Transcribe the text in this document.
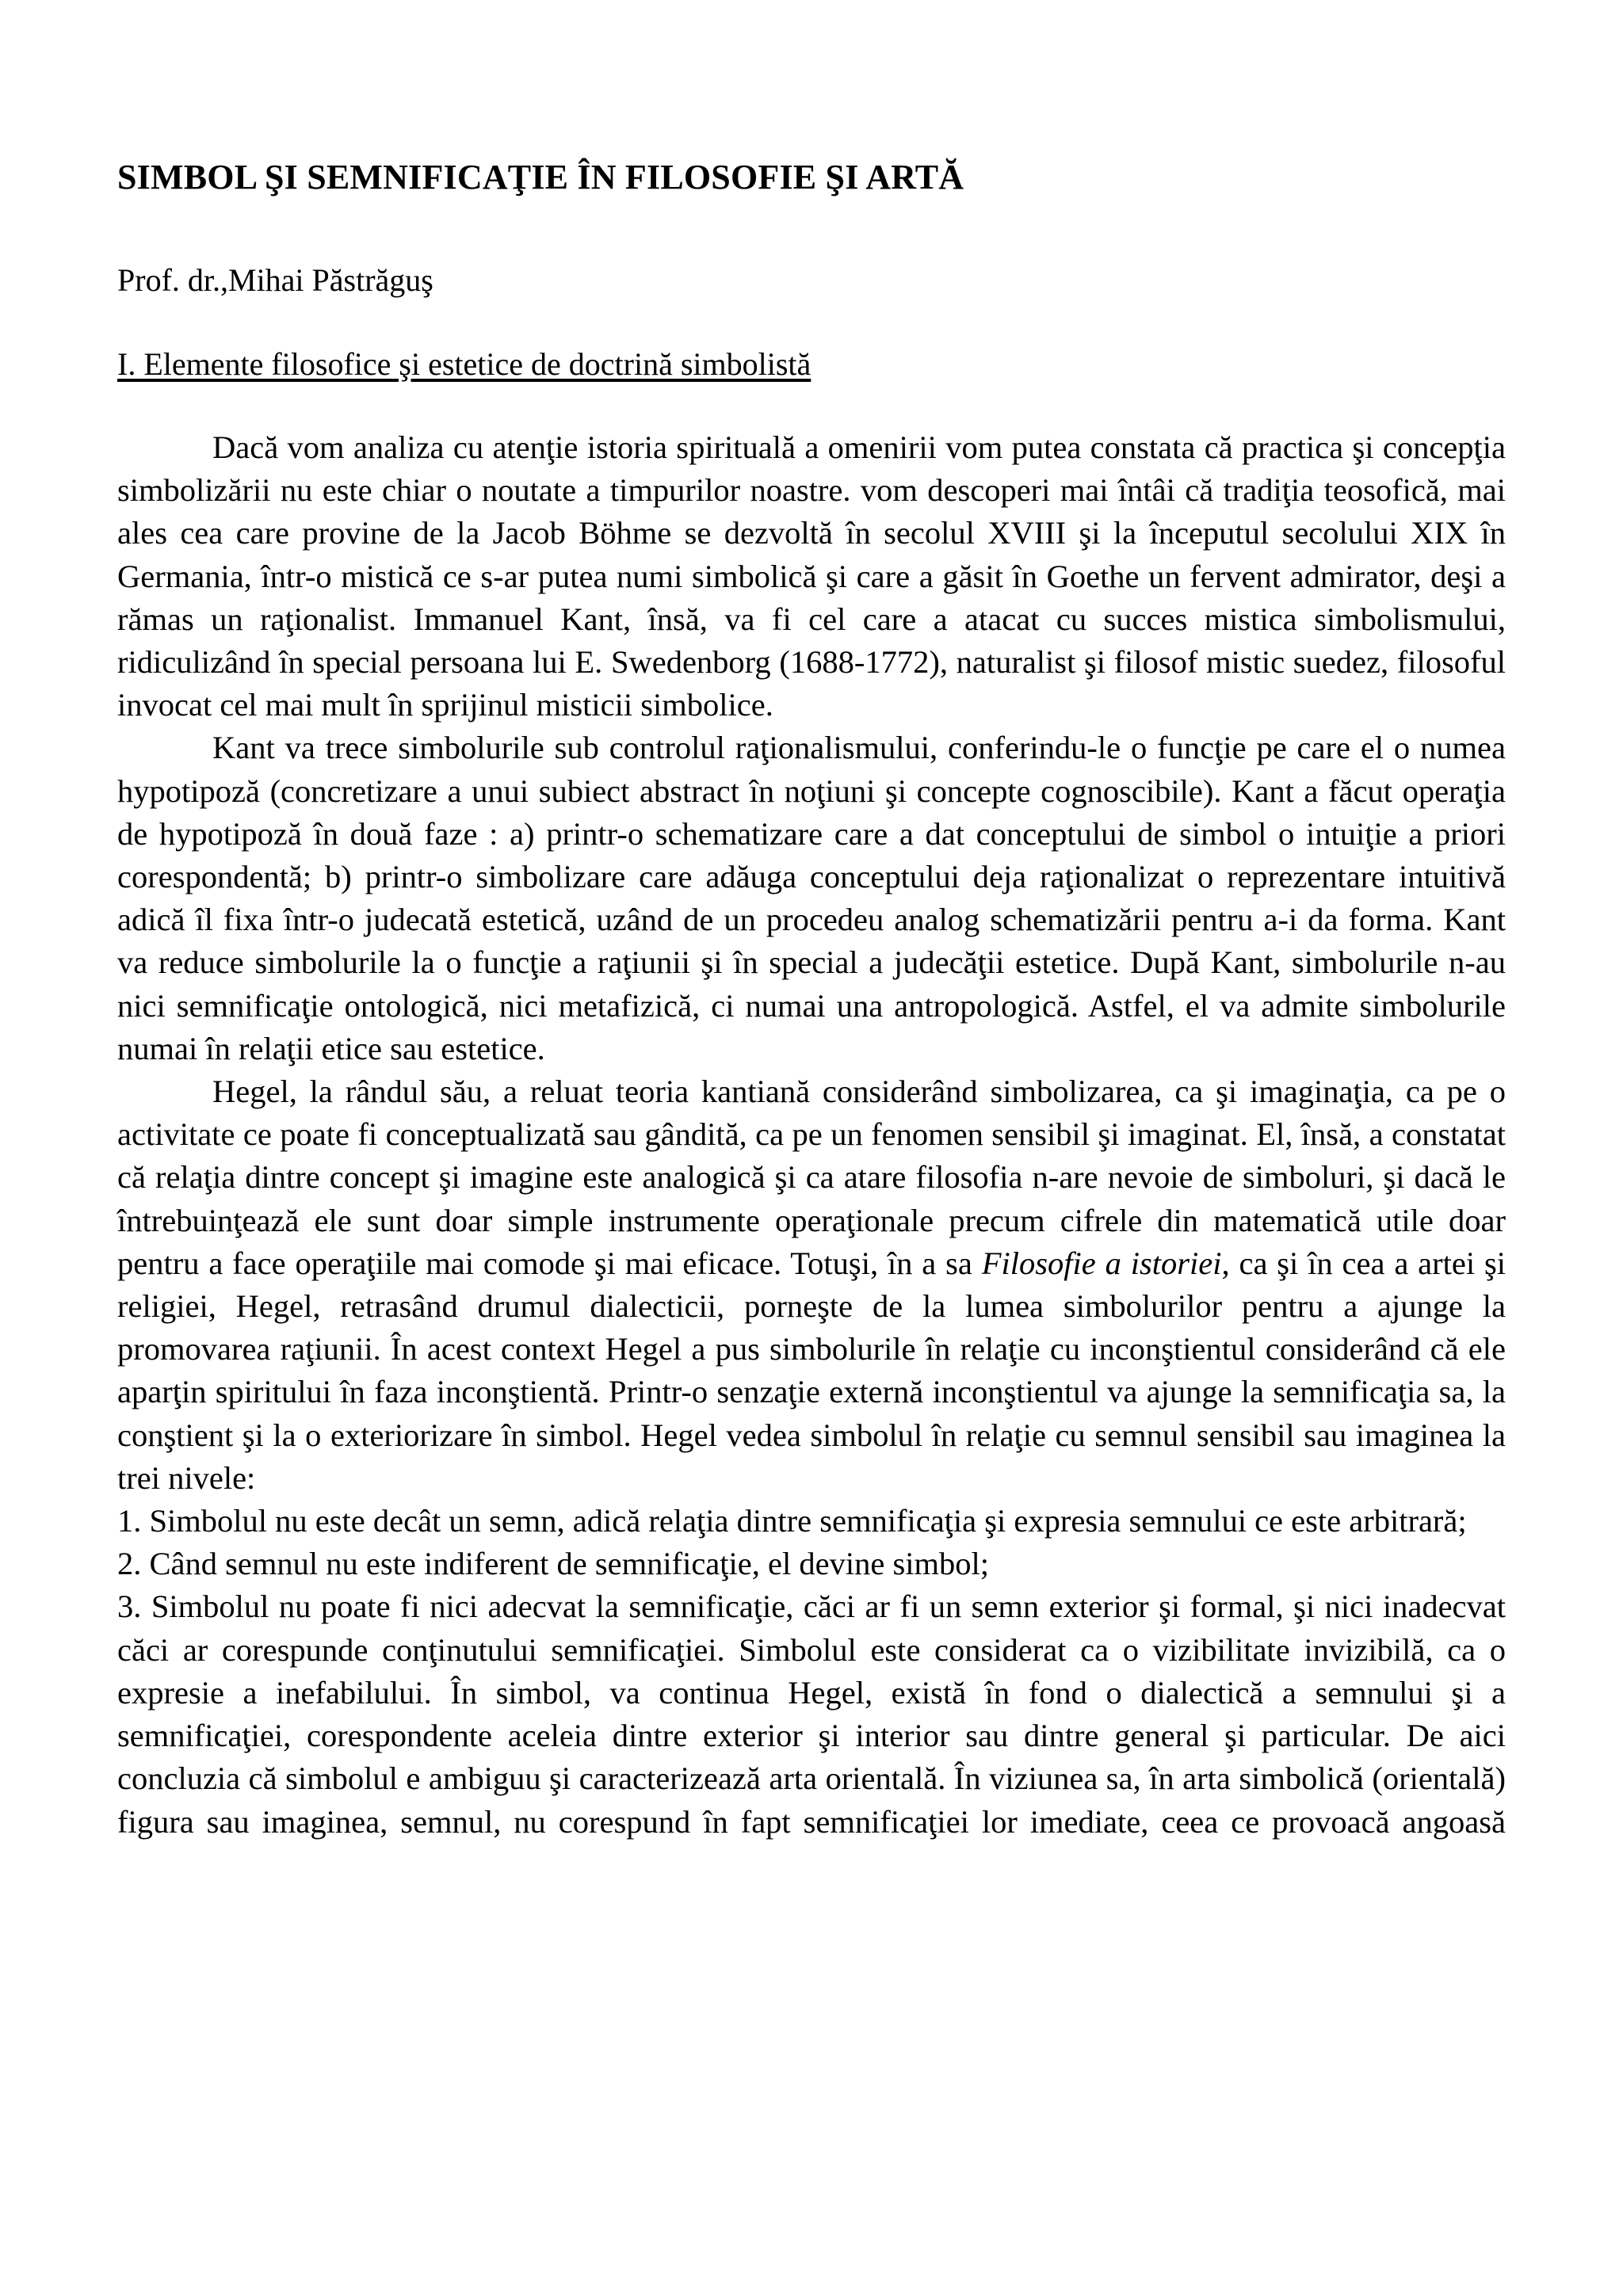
SIMBOL ŞI SEMNIFICAŢIE ÎN FILOSOFIE ŞI ARTĂ

Prof. dr.,Mihai Păstrăguş

I. Elemente filosofice şi estetice de doctrină simbolistă

Dacă vom analiza cu atenţie istoria spirituală a omenirii vom putea constata că practica şi concepţia simbolizării nu este chiar o noutate a timpurilor noastre. vom descoperi mai întâi că tradiţia teosofică, mai ales cea care provine de la Jacob Böhme se dezvoltă în secolul XVIII şi la începutul secolului XIX în Germania, într-o mistică ce s-ar putea numi simbolică şi care a găsit în Goethe un fervent admirator, deşi a rămas un raţionalist. Immanuel Kant, însă, va fi cel care a atacat cu succes mistica simbolismului, ridiculizând în special persoana lui E. Swedenborg (1688-1772), naturalist şi filosof mistic suedez, filosoful invocat cel mai mult în sprijinul misticii simbolice.

Kant va trece simbolurile sub controlul raţionalismului, conferindu-le o funcţie pe care el o numea hypotipoză (concretizare a unui subiect abstract în noţiuni şi concepte cognoscibile). Kant a făcut operaţia de hypotipoză în două faze : a) printr-o schematizare care a dat conceptului de simbol o intuiţie a priori corespondentă; b) printr-o simbolizare care adăuga conceptului deja raţionalizat o reprezentare intuitivă adică îl fixa într-o judecată estetică, uzând de un procedeu analog schematizării pentru a-i da forma. Kant va reduce simbolurile la o funcţie a raţiunii şi în special a judecăţii estetice. După Kant, simbolurile n-au nici semnificaţie ontologică, nici metafizică, ci numai una antropologică. Astfel, el va admite simbolurile numai în relaţii etice sau estetice.

Hegel, la rândul său, a reluat teoria kantiană considerând simbolizarea, ca şi imaginaţia, ca pe o activitate ce poate fi conceptualizată sau gândită, ca pe un fenomen sensibil şi imaginat. El, însă, a constatat că relaţia dintre concept şi imagine este analogică şi ca atare filosofia n-are nevoie de simboluri, şi dacă le întrebuinţează ele sunt doar simple instrumente operaţionale precum cifrele din matematică utile doar pentru a face operaţiile mai comode şi mai eficace. Totuşi, în a sa Filosofie a istoriei, ca şi în cea a artei şi religiei, Hegel, retrasând drumul dialecticii, porneşte de la lumea simbolurilor pentru a ajunge la promovarea raţiunii. În acest context Hegel a pus simbolurile în relaţie cu inconştientul considerând că ele aparţin spiritului în faza inconştientă. Printr-o senzaţie externă inconştientul va ajunge la semnificaţia sa, la conştient şi la o exteriorizare în simbol. Hegel vedea simbolul în relaţie cu semnul sensibil sau imaginea la trei nivele:

1. Simbolul nu este decât un semn, adică relaţia dintre semnificaţia şi expresia semnului ce este arbitrară;

2. Când semnul nu este indiferent de semnificaţie, el devine simbol;

3. Simbolul nu poate fi nici adecvat la semnificaţie, căci ar fi un semn exterior şi formal, şi nici inadecvat căci ar corespunde conţinutului semnificaţiei. Simbolul este considerat ca o vizibilitate invizibilă, ca o expresie a inefabilului. În simbol, va continua Hegel, există în fond o dialectică a semnului şi a semnificaţiei, corespondente aceleia dintre exterior şi interior sau dintre general şi particular. De aici concluzia că simbolul e ambiguu şi caracterizează arta orientală. În viziunea sa, în arta simbolică (orientală) figura sau imaginea, semnul, nu corespund în fapt semnificaţiei lor imediate, ceea ce provoacă angoasă
